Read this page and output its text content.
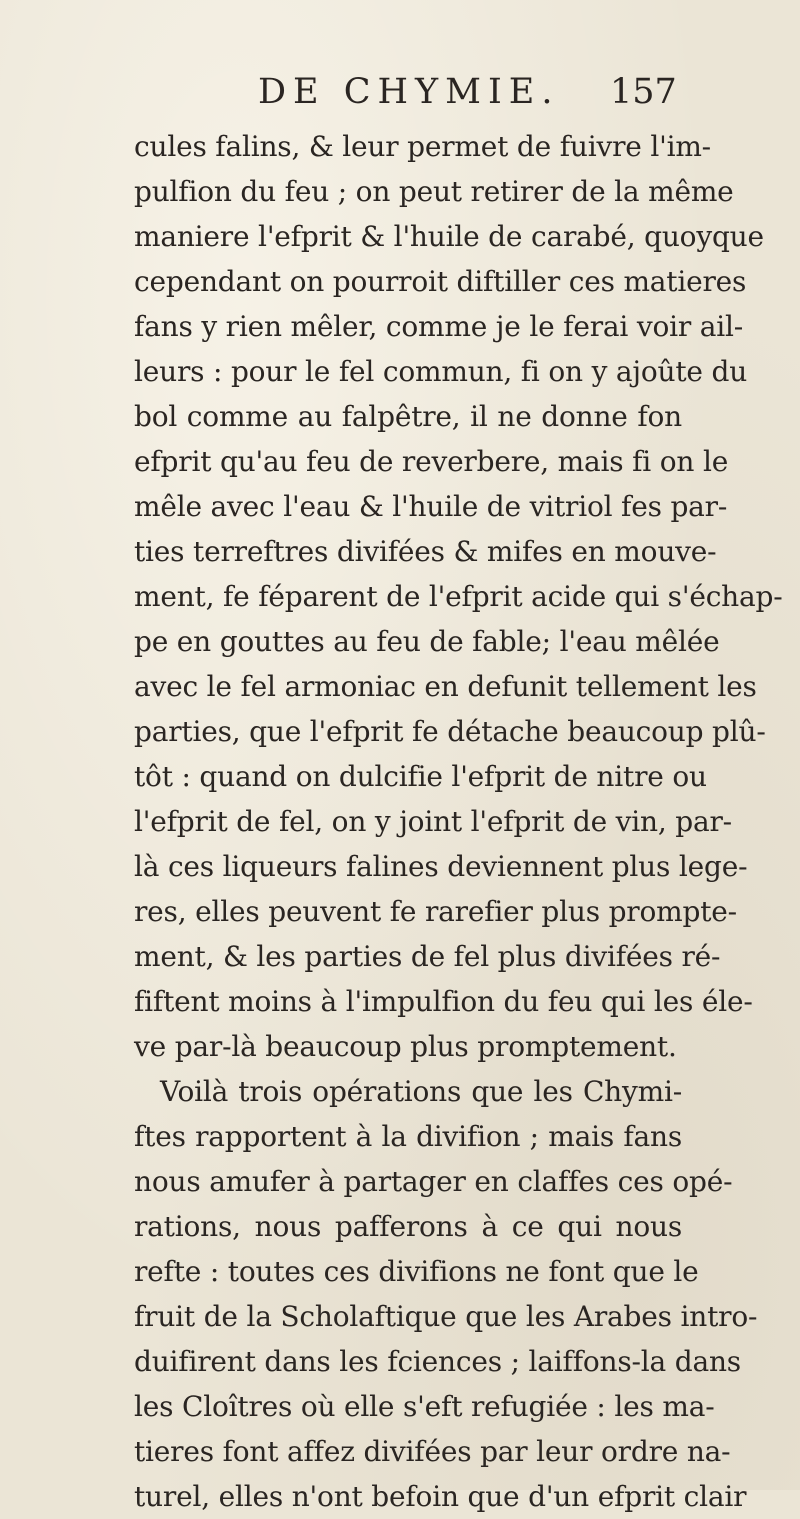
DE CHYMIE. 157
cules falins, & leur permet de fuivre l'im-
pulfion du feu ; on peut retirer de la même
maniere l'efprit & l'huile de carabé, quoyque
cependant on pourroit diftiller ces matieres
fans y rien mêler, comme je le ferai voir ail-
leurs : pour le fel commun, fi on y ajoûte du
bol comme au falpêtre, il ne donne fon
efprit qu'au feu de reverbere, mais fi on le
mêle avec l'eau & l'huile de vitriol fes par-
ties terreftres divifées & mifes en mouve-
ment, fe féparent de l'efprit acide qui s'échap-
pe en gouttes au feu de fable; l'eau mêlée
avec le fel armoniac en defunit tellement les
parties, que l'efprit fe détache beaucoup plû-
tôt : quand on dulcifie l'efprit de nitre ou
l'efprit de fel, on y joint l'efprit de vin, par-
là ces liqueurs falines deviennent plus lege-
res, elles peuvent fe rarefier plus prompte-
ment, & les parties de fel plus divifées ré-
fiftent moins à l'impulfion du feu qui les éle-
ve par-là beaucoup plus promptement.
Voilà trois opérations que les Chymi-
ftes rapportent à la divifion ; mais fans
nous amufer à partager en claffes ces opé-
rations, nous pafferons à ce qui nous
refte : toutes ces divifions ne font que le
fruit de la Scholaftique que les Arabes intro-
duifirent dans les fciences ; laiffons-la dans
les Cloîtres où elle s'eft refugiée : les ma-
tieres font affez divifées par leur ordre na-
turel, elles n'ont befoin que d'un efprit clair
